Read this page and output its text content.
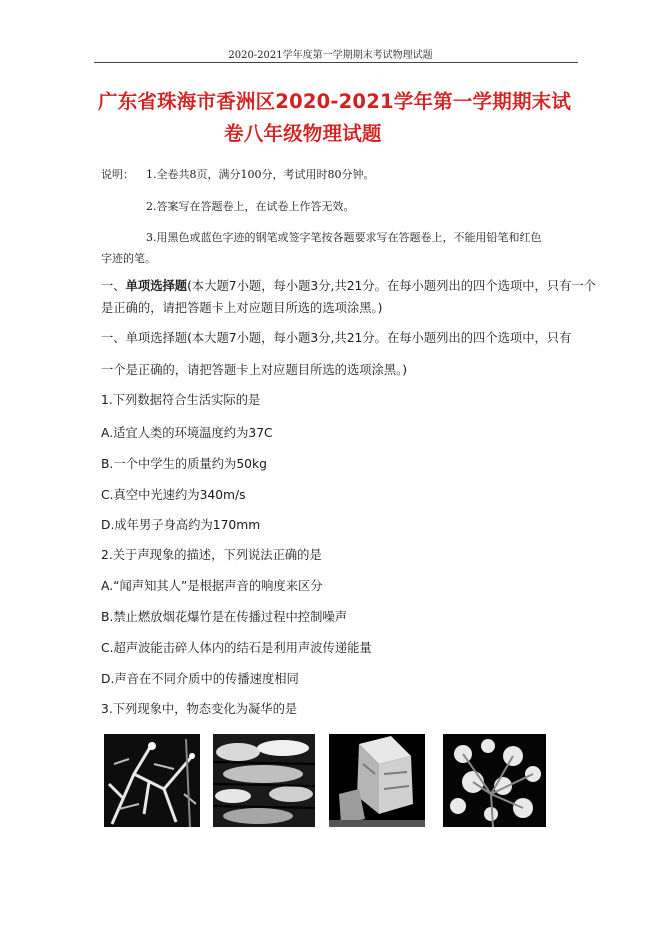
2020-2021学年度第一学期期末考试物理试题
广东省珠海市香洲区2020-2021学年第一学期期末试
卷八年级物理试题
说明： 1.全卷共8页，满分100分，考试用时80分钟。
2.答案写在答题卷上，在试卷上作答无效。
3.用黑色或蓝色字迹的钢笔或签字笔按各题要求写在答题卷上，不能用铅笔和红色
字迹的笔。
一、单项选择题(本大题7小题，每小题3分,共21分。在每小题列出的四个选项中，只有一个
是正确的，请把答题卡上对应题目所选的选项涂黑。)
一、单项选择题(本大题7小题，每小题3分,共21分。在每小题列出的四个选项中，只有
一个是正确的，请把答题卡上对应题目所选的选项涂黑。)
1.下列数据符合生活实际的是
A.适宜人类的环境温度约为37C
B.一个中学生的质量约为50kg
C.真空中光速约为340m/s
D.成年男子身高约为170mm
2.关于声现象的描述，下列说法正确的是
A.“闻声知其人”是根据声音的响度来区分
B.禁止燃放烟花爆竹是在传播过程中控制噪声
C.超声波能击碎人体内的结石是利用声波传递能量
D.声音在不同介质中的传播速度相同
3.下列现象中，物态变化为凝华的是
